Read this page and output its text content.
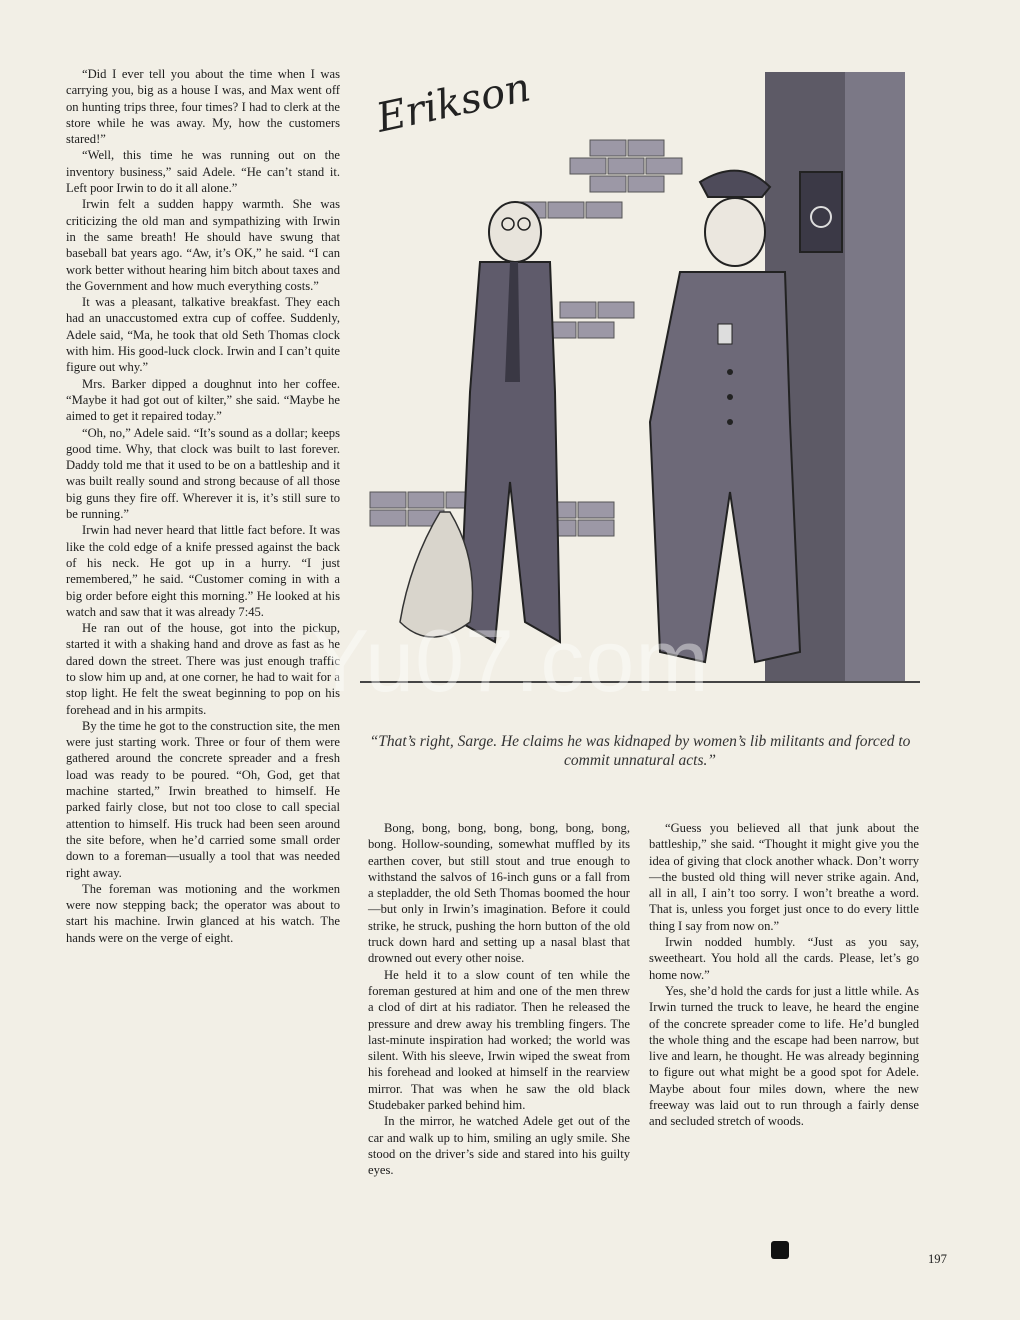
“Did I ever tell you about the time when I was carrying you, big as a house I was, and Max went off on hunting trips three, four times? I had to clerk at the store while he was away. My, how the customers stared!”

“Well, this time he was running out on the inventory business,” said Adele. “He can’t stand it. Left poor Irwin to do it all alone.”

Irwin felt a sudden happy warmth. She was criticizing the old man and sympathizing with Irwin in the same breath! He should have swung that baseball bat years ago. “Aw, it’s OK,” he said. “I can work better without hearing him bitch about taxes and the Government and how much everything costs.”

It was a pleasant, talkative breakfast. They each had an unaccustomed extra cup of coffee. Suddenly, Adele said, “Ma, he took that old Seth Thomas clock with him. His good-luck clock. Irwin and I can’t quite figure out why.”

Mrs. Barker dipped a doughnut into her coffee. “Maybe it had got out of kilter,” she said. “Maybe he aimed to get it repaired today.”

“Oh, no,” Adele said. “It’s sound as a dollar; keeps good time. Why, that clock was built to last forever. Daddy told me that it used to be on a battleship and it was built really sound and strong because of all those big guns they fire off. Wherever it is, it’s still sure to be running.”

Irwin had never heard that little fact before. It was like the cold edge of a knife pressed against the back of his neck. He got up in a hurry. “I just remembered,” he said. “Customer coming in with a big order before eight this morning.” He looked at his watch and saw that it was already 7:45.

He ran out of the house, got into the pickup, started it with a shaking hand and drove as fast as he dared down the street. There was just enough traffic to slow him up and, at one corner, he had to wait for a stop light. He felt the sweat beginning to pop on his forehead and in his armpits.

By the time he got to the construction site, the men were just starting work. Three or four of them were gathered around the concrete spreader and a fresh load was ready to be poured. “Oh, God, get that machine started,” Irwin breathed to himself. He parked fairly close, but not too close to call special attention to himself. His truck had been seen around the site before, when he’d carried some small order down to a foreman—usually a tool that was needed right away.

The foreman was motioning and the workmen were now stepping back; the operator was about to start his machine. Irwin glanced at his watch. The hands were on the verge of eight.

Erikson
“That’s right, Sarge. He claims he was kidnaped by women’s lib militants and forced to commit unnatural acts.”

Bong, bong, bong, bong, bong, bong, bong, bong. Hollow-sounding, somewhat muffled by its earthen cover, but still stout and true enough to withstand the salvos of 16-inch guns or a fall from a stepladder, the old Seth Thomas boomed the hour—but only in Irwin’s imagination. Before it could strike, he struck, pushing the horn button of the old truck down hard and setting up a nasal blast that drowned out every other noise.

He held it to a slow count of ten while the foreman gestured at him and one of the men threw a clod of dirt at his radiator. Then he released the pressure and drew away his trembling fingers. The last-minute inspiration had worked; the world was silent. With his sleeve, Irwin wiped the sweat from his forehead and looked at himself in the rearview mirror. That was when he saw the old black Studebaker parked behind him.

In the mirror, he watched Adele get out of the car and walk up to him, smiling an ugly smile. She stood on the driver’s side and stared into his guilty eyes.

“Guess you believed all that junk about the battleship,” she said. “Thought it might give you the idea of giving that clock another whack. Don’t worry—the busted old thing will never strike again. And, all in all, I ain’t too sorry. I won’t breathe a word. That is, unless you forget just once to do every little thing I say from now on.”

Irwin nodded humbly. “Just as you say, sweetheart. You hold all the cards. Please, let’s go home now.”

Yes, she’d hold the cards for just a little while. As Irwin turned the truck to leave, he heard the engine of the concrete spreader come to life. He’d bungled the whole thing and the escape had been narrow, but live and learn, he thought. He was already beginning to figure out what might be a good spot for Adele. Maybe about four miles down, where the new freeway was laid out to run through a fairly dense and secluded stretch of woods.

197
Yu07.com
